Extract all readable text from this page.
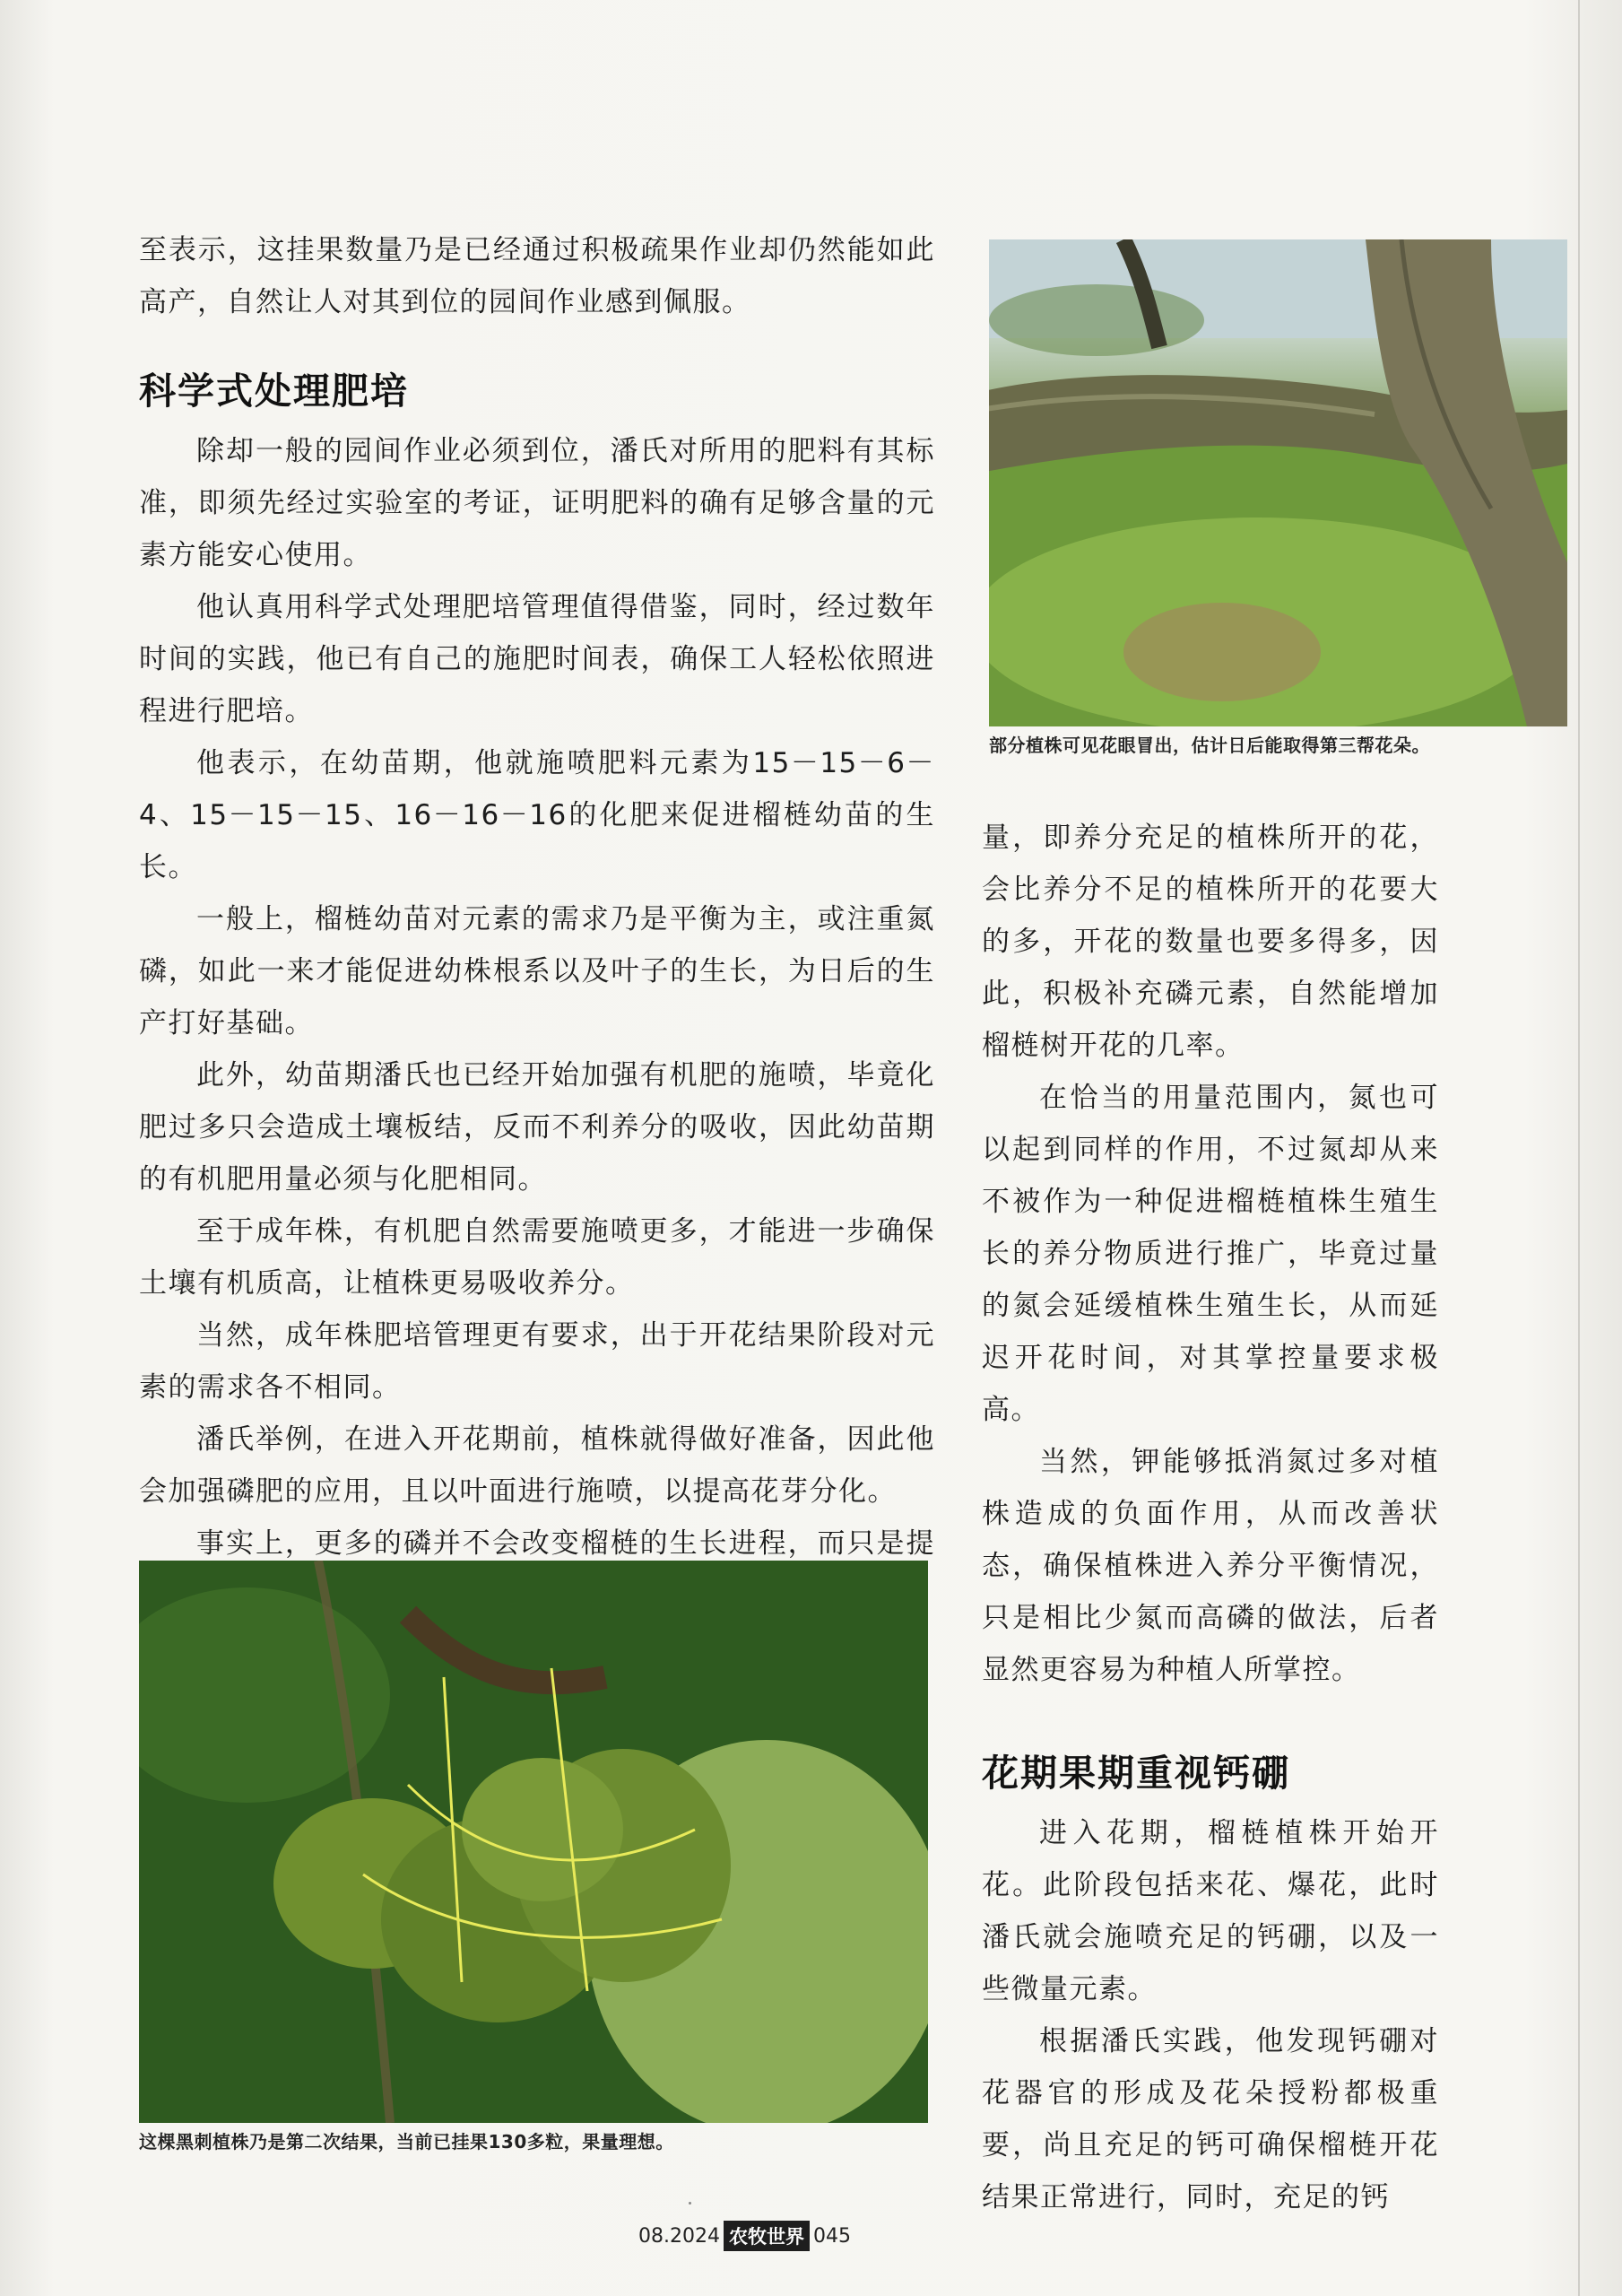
至表示，这挂果数量乃是已经通过积极疏果作业却仍然能如此高产，自然让人对其到位的园间作业感到佩服。

科学式处理肥培

除却一般的园间作业必须到位，潘氏对所用的肥料有其标准，即须先经过实验室的考证，证明肥料的确有足够含量的元素方能安心使用。

他认真用科学式处理肥培管理值得借鉴，同时，经过数年时间的实践，他已有自己的施肥时间表，确保工人轻松依照进程进行肥培。

他表示，在幼苗期，他就施喷肥料元素为15－15－6－4、15－15－15、16－16－16的化肥来促进榴梿幼苗的生长。

一般上，榴梿幼苗对元素的需求乃是平衡为主，或注重氮磷，如此一来才能促进幼株根系以及叶子的生长，为日后的生产打好基础。

此外，幼苗期潘氏也已经开始加强有机肥的施喷，毕竟化肥过多只会造成土壤板结，反而不利养分的吸收，因此幼苗期的有机肥用量必须与化肥相同。

至于成年株，有机肥自然需要施喷更多，才能进一步确保土壤有机质高，让植株更易吸收养分。

当然，成年株肥培管理更有要求，出于开花结果阶段对元素的需求各不相同。

潘氏举例，在进入开花期前，植株就得做好准备，因此他会加强磷肥的应用，且以叶面进行施喷，以提高花芽分化。

事实上，更多的磷并不会改变榴梿的生长进程，而只是提

部分植株可见花眼冒出，估计日后能取得第三帮花朵。

量，即养分充足的植株所开的花，会比养分不足的植株所开的花要大的多，开花的数量也要多得多，因此，积极补充磷元素，自然能增加榴梿树开花的几率。

在恰当的用量范围内，氮也可以起到同样的作用，不过氮却从来不被作为一种促进榴梿植株生殖生长的养分物质进行推广，毕竟过量的氮会延缓植株生殖生长，从而延迟开花时间，对其掌控量要求极高。

当然，钾能够抵消氮过多对植株造成的负面作用，从而改善状态，确保植株进入养分平衡情况，只是相比少氮而高磷的做法，后者显然更容易为种植人所掌控。

花期果期重视钙硼

进入花期，榴梿植株开始开花。此阶段包括来花、爆花，此时潘氏就会施喷充足的钙硼，以及一些微量元素。

根据潘氏实践，他发现钙硼对花器官的形成及花朵授粉都极重要，尚且充足的钙可确保榴梿开花结果正常进行，同时，充足的钙

这棵黑刺植株乃是第二次结果，当前已挂果130多粒，果量理想。
08.2024 农牧世界 045
